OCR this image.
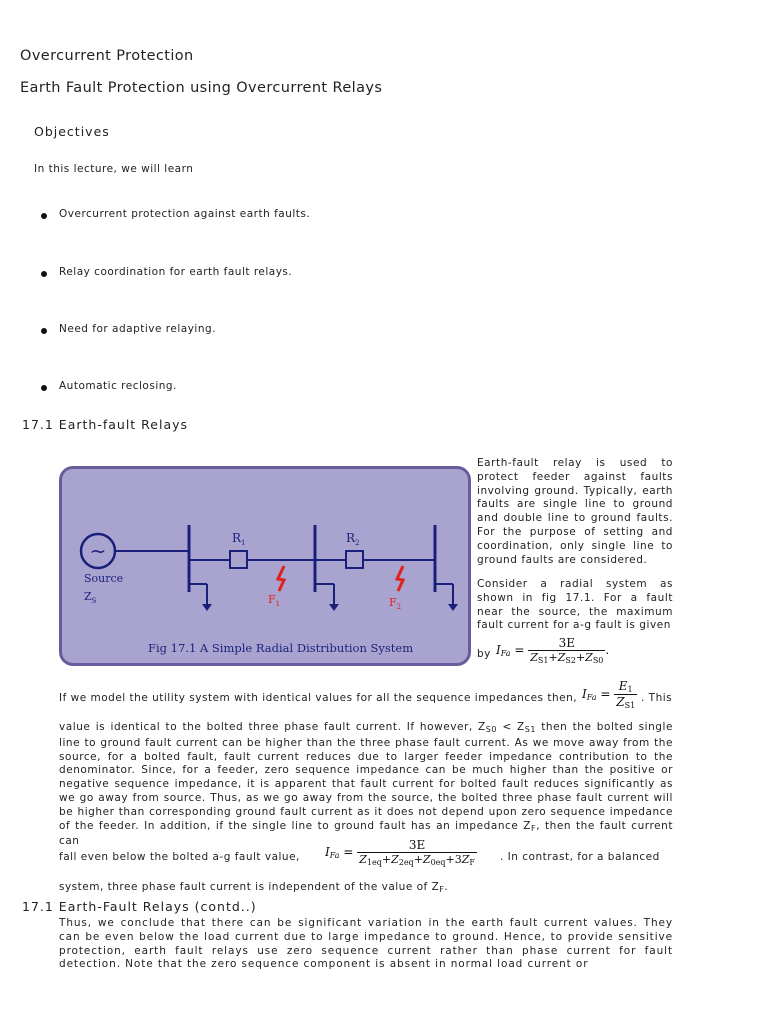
Overcurrent Protection
Earth Fault Protection using Overcurrent Relays
Objectives
In this lecture, we will learn
Overcurrent protection against earth faults.
Relay coordination for earth fault relays.
Need for adaptive relaying.
Automatic reclosing.
17.1 Earth-fault Relays
~
Source
$Z_S$
$R_1$
$F_1$
$R_2$
$F_2$
Fig 17.1 A Simple Radial Distribution System
Earth-fault relay is used to protect feeder against faults involving ground. Typically, earth faults are single line to ground and double line to ground faults. For the purpose of setting and coordination, only single line to ground faults are considered.
Consider a radial system as shown in fig 17.1. For a fault near the source, the maximum fault current for a-g fault is given
by $I_{Fa} = \frac{3E}{Z_{S1}+Z_{S2}+Z_{S0}}$ .
If we model the utility system with identical values for all the sequence impedances then, $I_{Fa} = \frac{E_1}{Z_{S1}}$ . This
value is identical to the bolted three phase fault current. If however, $Z_{S0} < Z_{S1}$ then the bolted single line to ground fault current can be higher than the three phase fault current. As we move away from the source, for a bolted fault, fault current reduces due to larger feeder impedance contribution to the denominator. Since, for a feeder, zero sequence impedance can be much higher than the positive or negative sequence impedance, it is apparent that fault current for bolted fault reduces significantly as we go away from source. Thus, as we go away from the source, the bolted three phase fault current will be higher than corresponding ground fault current as it does not depend upon zero sequence impedance of the feeder. In addition, if the single line to ground fault has an impedance $Z_F$, then the fault current can
fall even below the bolted a-g fault value, $I_{Fa} = \frac{3E}{Z_{1eq}+Z_{2eq}+Z_{0eq}+3Z_F}$ . In contrast, for a balanced
system, three phase fault current is independent of the value of $Z_F$.
17.1 Earth-Fault Relays (contd..)
Thus, we conclude that there can be significant variation in the earth fault current values. They can be even below the load current due to large impedance to ground. Hence, to provide sensitive protection, earth fault relays use zero sequence current rather than phase current for fault detection. Note that the zero sequence component is absent in normal load current or
